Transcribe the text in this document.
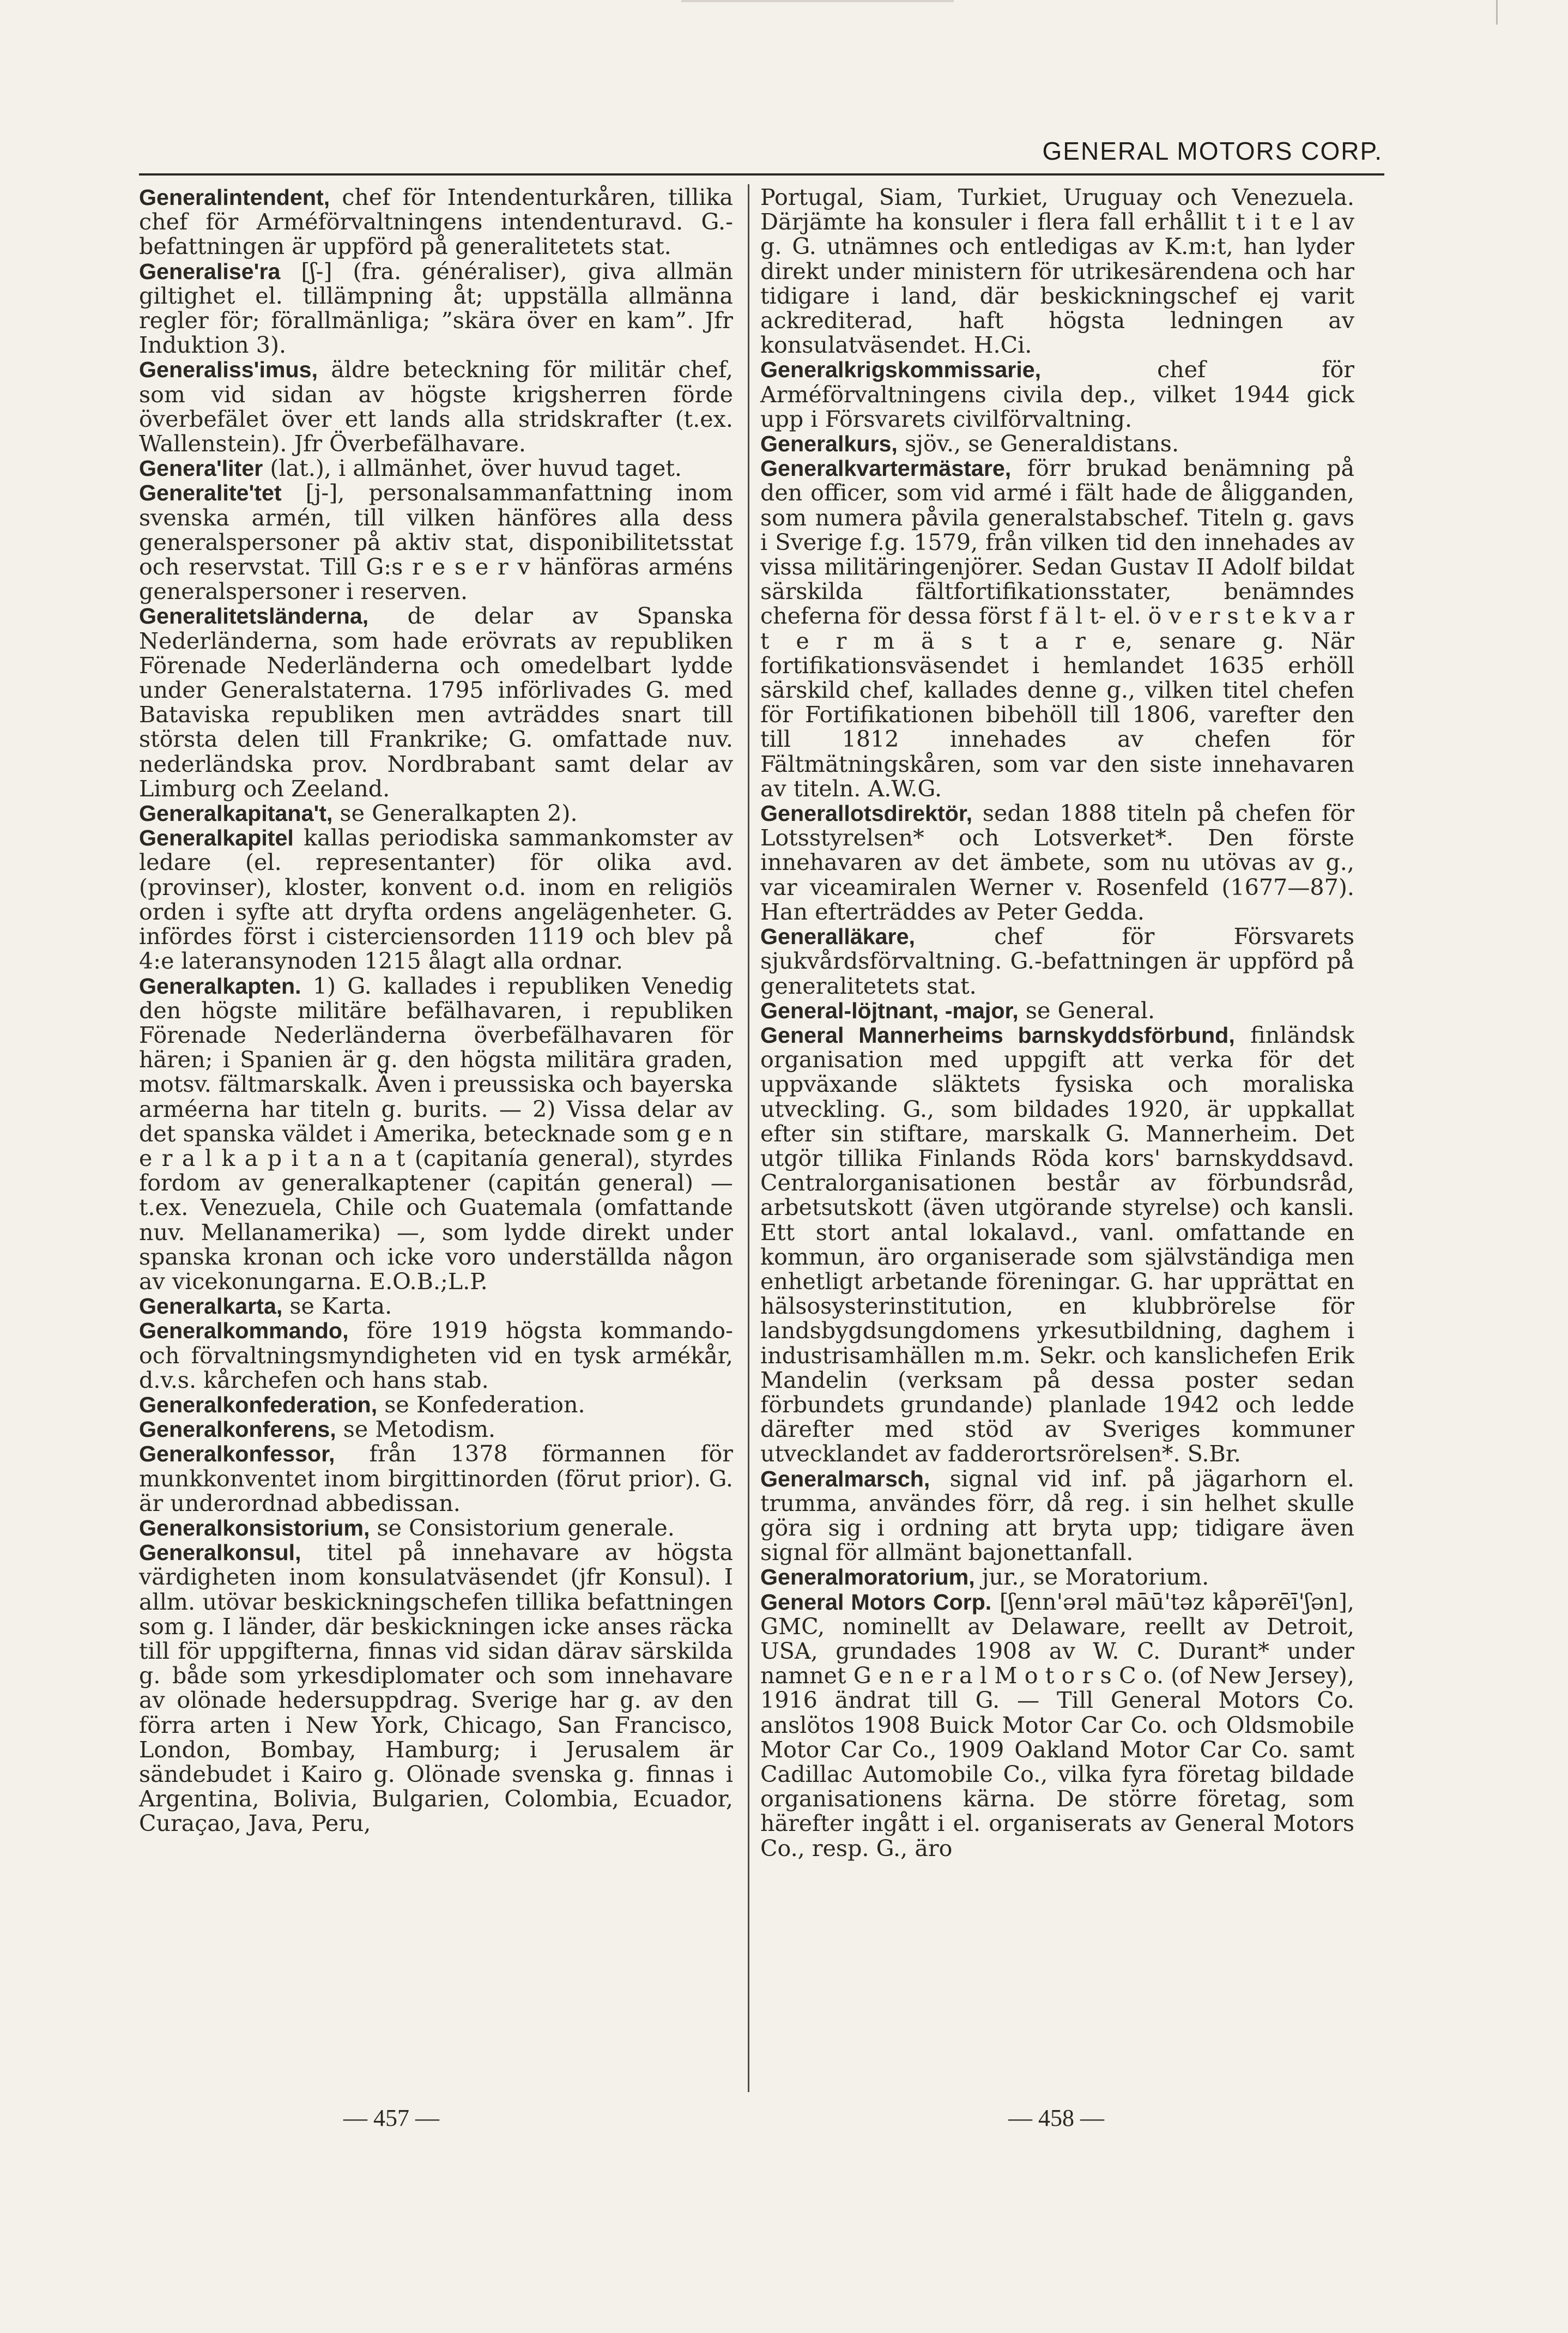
GENERAL MOTORS CORP.

Generalintendent, chef för Intendenturkåren, tillika chef för Arméförvaltningens intendenturavd. G.-befattningen är uppförd på generalitetets stat.

Generalise'ra [ʃ-] (fra. généraliser), giva allmän giltighet el. tillämpning åt; uppställa allmänna regler för; förallmänliga; ”skära över en kam”. Jfr Induktion 3).

Generaliss'imus, äldre beteckning för militär chef, som vid sidan av högste krigsherren förde överbefälet över ett lands alla stridskrafter (t.ex. Wallenstein). Jfr Överbefälhavare.

Genera'liter (lat.), i allmänhet, över huvud taget.

Generalite'tet [j-], personalsammanfattning inom svenska armén, till vilken hänföres alla dess generalspersoner på aktiv stat, disponibilitetsstat och reservstat. Till G:s r e s e r v hänföras arméns generalspersoner i reserven.

Generalitetsländerna, de delar av Spanska Nederländerna, som hade erövrats av republiken Förenade Nederländerna och omedelbart lydde under Generalstaterna. 1795 införlivades G. med Bataviska republiken men avträddes snart till största delen till Frankrike; G. omfattade nuv. nederländska prov. Nordbrabant samt delar av Limburg och Zeeland.

Generalkapitana't, se Generalkapten 2).

Generalkapitel kallas periodiska sammankomster av ledare (el. representanter) för olika avd. (provinser), kloster, konvent o.d. inom en religiös orden i syfte att dryfta ordens angelägenheter. G. infördes först i cisterciensorden 1119 och blev på 4:e lateransynoden 1215 ålagt alla ordnar.

Generalkapten. 1) G. kallades i republiken Venedig den högste militäre befälhavaren, i republiken Förenade Nederländerna överbefälhavaren för hären; i Spanien är g. den högsta militära graden, motsv. fältmarskalk. Även i preussiska och bayerska arméerna har titeln g. burits. — 2) Vissa delar av det spanska väldet i Amerika, betecknade som g e n e r a l k a p i t a n a t (capitanía general), styrdes fordom av generalkaptener (capitán general) — t.ex. Venezuela, Chile och Guatemala (omfattande nuv. Mellanamerika) —, som lydde direkt under spanska kronan och icke voro underställda någon av vicekonungarna. E.O.B.;L.P.

Generalkarta, se Karta.

Generalkommando, före 1919 högsta kommando- och förvaltningsmyndigheten vid en tysk armékår, d.v.s. kårchefen och hans stab.

Generalkonfederation, se Konfederation.

Generalkonferens, se Metodism.

Generalkonfessor, från 1378 förmannen för munkkonventet inom birgittinorden (förut prior). G. är underordnad abbedissan.

Generalkonsistorium, se Consistorium generale.

Generalkonsul, titel på innehavare av högsta värdigheten inom konsulatväsendet (jfr Konsul). I allm. utövar beskickningschefen tillika befattningen som g. I länder, där beskickningen icke anses räcka till för uppgifterna, finnas vid sidan därav särskilda g. både som yrkesdiplomater och som innehavare av olönade hedersuppdrag. Sverige har g. av den förra arten i New York, Chicago, San Francisco, London, Bombay, Hamburg; i Jerusalem är sändebudet i Kairo g. Olönade svenska g. finnas i Argentina, Bolivia, Bulgarien, Colombia, Ecuador, Curaçao, Java, Peru,

Portugal, Siam, Turkiet, Uruguay och Venezuela. Därjämte ha konsuler i flera fall erhållit t i t e l av g. G. utnämnes och entledigas av K.m:t, han lyder direkt under ministern för utrikesärendena och har tidigare i land, där beskickningschef ej varit ackrediterad, haft högsta ledningen av konsulatväsendet. H.Ci.

Generalkrigskommissarie,	chef för Arméförvaltningens civila dep., vilket 1944 gick upp i Försvarets civilförvaltning.

Generalkurs, sjöv., se Generaldistans.

Generalkvartermästare, förr brukad benämning på den officer, som vid armé i fält hade de åligganden, som numera påvila generalstabschef. Titeln g. gavs i Sverige f.g. 1579, från vilken tid den innehades av vissa militäringenjörer. Sedan Gustav II Adolf bildat särskilda fältfortifikationsstater, benämndes cheferna för dessa först f ä l t- el. ö v e r s t e k v a r t e r m ä s t a r e, senare g. När fortifikationsväsendet i hemlandet 1635 erhöll särskild chef, kallades denne g., vilken titel chefen för Fortifikationen bibehöll till 1806, varefter den till 1812 innehades av chefen för Fältmätningskåren, som var den siste innehavaren av titeln. A.W.G.

Generallotsdirektör, sedan 1888 titeln på chefen för Lotsstyrelsen* och Lotsverket*. Den förste innehavaren av det ämbete, som nu utövas av g., var viceamiralen Werner v. Rosenfeld (1677—87). Han efterträddes av Peter Gedda.

Generalläkare,	chef för Försvarets sjukvårdsförvaltning. G.-befattningen är uppförd på generalitetets stat.

General-löjtnant, -major, se General.

General Mannerheims barnskyddsförbund, finländsk organisation med uppgift att verka för det uppväxande släktets fysiska och moraliska utveckling. G., som bildades 1920, är uppkallat efter sin stiftare, marskalk G. Mannerheim. Det utgör tillika Finlands Röda kors' barnskyddsavd. Centralorganisationen består av förbundsråd, arbetsutskott (även utgörande styrelse) och kansli. Ett stort antal lokalavd., vanl. omfattande en kommun, äro organiserade som självständiga men enhetligt arbetande föreningar. G. har upprättat en hälsosysterinstitution, en klubbrörelse för landsbygdsungdomens yrkesutbildning, daghem i industrisamhällen m.m. Sekr. och kanslichefen Erik Mandelin (verksam på dessa poster sedan förbundets grundande) planlade 1942 och ledde därefter med stöd av Sveriges kommuner utvecklandet av fadderortsrörelsen*. S.Br.

Generalmarsch, signal vid inf. på jägarhorn el. trumma, användes förr, då reg. i sin helhet skulle göra sig i ordning att bryta upp; tidigare även signal för allmänt bajonettanfall.

Generalmoratorium, jur., se Moratorium.

General Motors Corp. [ʃenn'ərəl māū'təz kåpərēī'ʃən], GMC, nominellt av Delaware, reellt av Detroit, USA, grundades 1908 av W. C. Durant* under namnet G e n e r a l M o t o r s C o. (of New Jersey), 1916 ändrat till G. — Till General Motors Co. anslötos 1908 Buick Motor Car Co. och Oldsmobile Motor Car Co., 1909 Oakland Motor Car Co. samt Cadillac Automobile Co., vilka fyra företag bildade organisationens kärna. De större företag, som härefter ingått i el. organiserats av General Motors Co., resp. G., äro

— 457 —	— 458 —
